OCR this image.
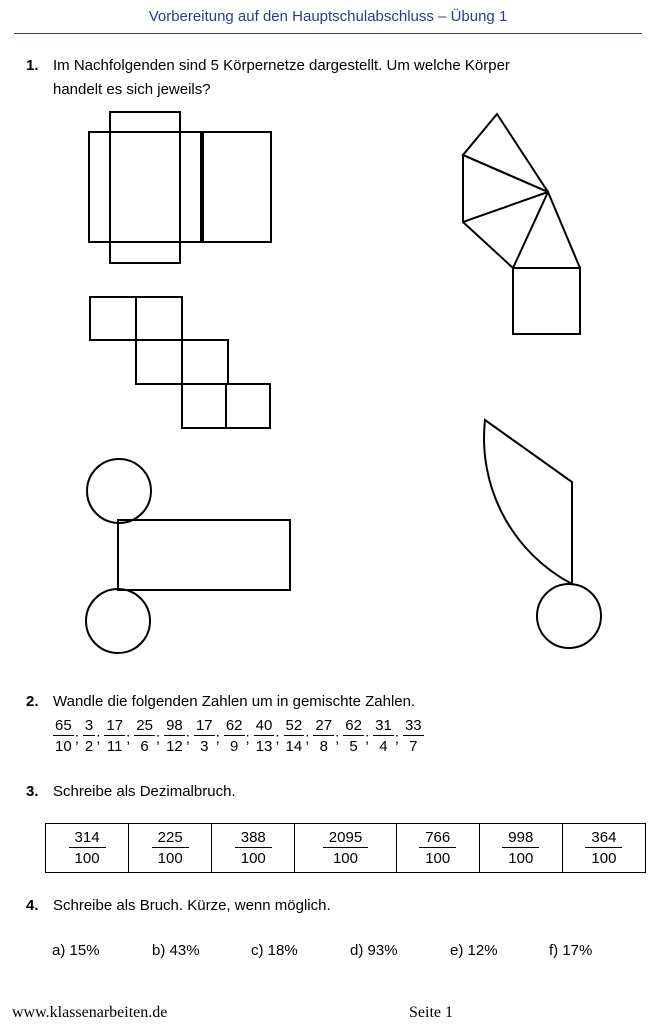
Vorbereitung auf den Hauptschulabschluss – Übung 1
1. Im Nachfolgenden sind 5 Körpernetze dargestellt. Um welche Körper
handelt es sich jeweils?
2. Wandle die folgenden Zahlen um in gemischte Zahlen.
$\frac{65}{10}$ ; $\frac{3}{2}$ ; $\frac{17}{11}$ ; $\frac{25}{6}$ ; $\frac{98}{12}$ ; $\frac{17}{3}$ ; $\frac{62}{9}$ ; $\frac{40}{13}$ ; $\frac{52}{14}$ ; $\frac{27}{8}$ ; $\frac{62}{5}$ ; $\frac{31}{4}$ ; $\frac{33}{7}$
3. Schreibe als Dezimalbruch.
$\frac{314}{100}$	$\frac{225}{100}$	$\frac{388}{100}$	$\frac{2095}{100}$	$\frac{766}{100}$	$\frac{998}{100}$	$\frac{364}{100}$
4. Schreibe als Bruch. Kürze, wenn möglich.
a) 15%	b) 43%	c) 18%	d) 93%	e) 12%	f) 17%
www.klassenarbeiten.de	Seite 1
